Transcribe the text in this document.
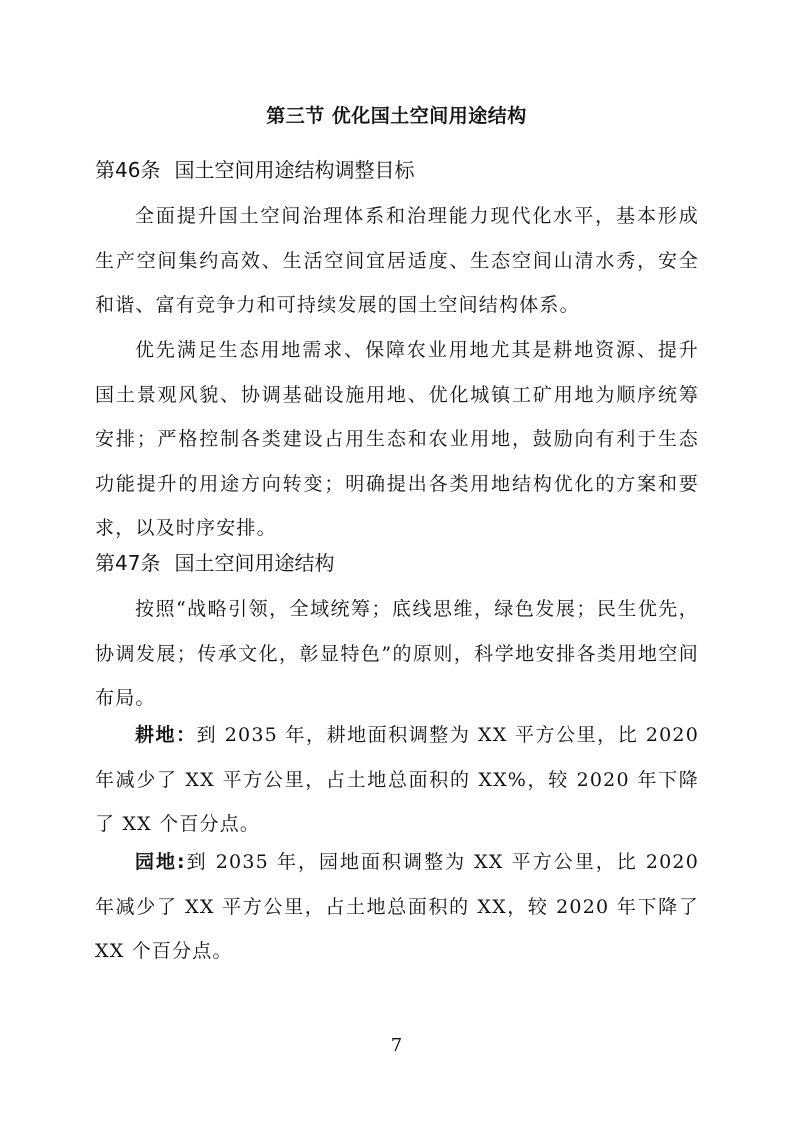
第三节 优化国土空间用途结构
第46条 国土空间用途结构调整目标

全面提升国土空间治理体系和治理能力现代化水平，基本形成生产空间集约高效、生活空间宜居适度、生态空间山清水秀，安全和谐、富有竞争力和可持续发展的国土空间结构体系。

优先满足生态用地需求、保障农业用地尤其是耕地资源、提升国土景观风貌、协调基础设施用地、优化城镇工矿用地为顺序统筹安排；严格控制各类建设占用生态和农业用地，鼓励向有利于生态功能提升的用途方向转变；明确提出各类用地结构优化的方案和要求，以及时序安排。

第47条 国土空间用途结构

按照“战略引领，全域统筹；底线思维，绿色发展；民生优先，协调发展；传承文化，彰显特色”的原则，科学地安排各类用地空间布局。

耕地：到 2035 年，耕地面积调整为 XX 平方公里，比 2020 年减少了 XX 平方公里，占土地总面积的 XX%，较 2020 年下降了 XX 个百分点。

园地:到 2035 年，园地面积调整为 XX 平方公里，比 2020 年减少了 XX 平方公里，占土地总面积的 XX，较 2020 年下降了 XX 个百分点。

7
